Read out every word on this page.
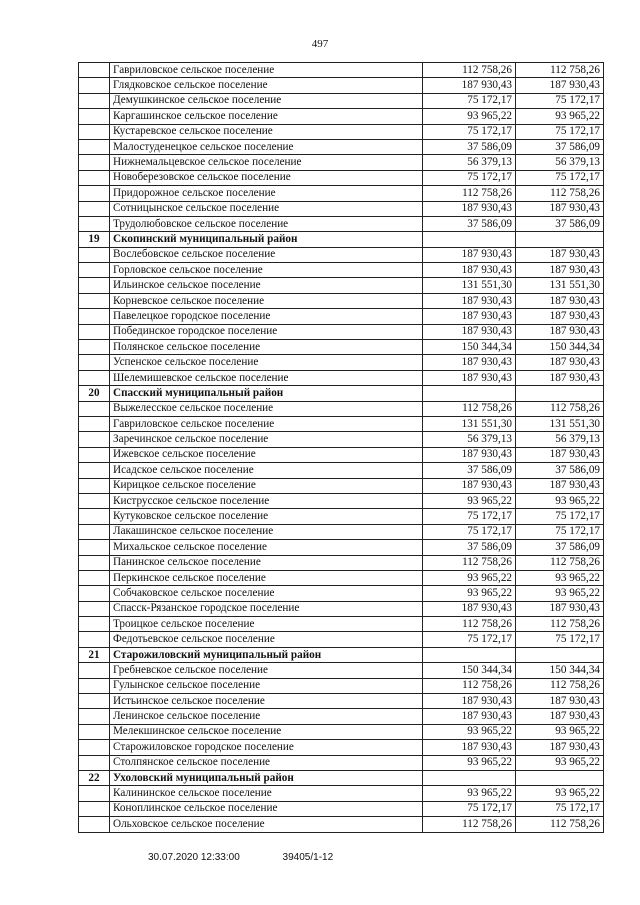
497
	Гавриловское сельское поселение	112 758,26	112 758,26
	Глядковское сельское поселение	187 930,43	187 930,43
	Демушкинское сельское поселение	75 172,17	75 172,17
	Каргашинское сельское поселение	93 965,22	93 965,22
	Кустаревское сельское поселение	75 172,17	75 172,17
	Малостуденецкое сельское поселение	37 586,09	37 586,09
	Нижнемальцевское сельское поселение	56 379,13	56 379,13
	Новоберезовское сельское поселение	75 172,17	75 172,17
	Придорожное сельское поселение	112 758,26	112 758,26
	Сотницынское сельское поселение	187 930,43	187 930,43
	Трудолюбовское сельское поселение	37 586,09	37 586,09
19	Скопинский муниципальный район		
	Вослебовское сельское поселение	187 930,43	187 930,43
	Горловское сельское поселение	187 930,43	187 930,43
	Ильинское сельское поселение	131 551,30	131 551,30
	Корневское сельское поселение	187 930,43	187 930,43
	Павелецкое городское поселение	187 930,43	187 930,43
	Побединское городское поселение	187 930,43	187 930,43
	Полянское сельское поселение	150 344,34	150 344,34
	Успенское сельское поселение	187 930,43	187 930,43
	Шелемишевское сельское поселение	187 930,43	187 930,43
20	Спасский муниципальный район		
	Выжелесское сельское поселение	112 758,26	112 758,26
	Гавриловское сельское поселение	131 551,30	131 551,30
	Заречинское сельское поселение	56 379,13	56 379,13
	Ижевское сельское поселение	187 930,43	187 930,43
	Исадское сельское поселение	37 586,09	37 586,09
	Кирицкое сельское поселение	187 930,43	187 930,43
	Киструсское сельское поселение	93 965,22	93 965,22
	Кутуковское сельское поселение	75 172,17	75 172,17
	Лакашинское сельское поселение	75 172,17	75 172,17
	Михальское сельское поселение	37 586,09	37 586,09
	Панинское сельское поселение	112 758,26	112 758,26
	Перкинское сельское поселение	93 965,22	93 965,22
	Собчаковское сельское поселение	93 965,22	93 965,22
	Спасск-Рязанское городское поселение	187 930,43	187 930,43
	Троицкое сельское поселение	112 758,26	112 758,26
	Федотьевское сельское поселение	75 172,17	75 172,17
21	Старожиловский муниципальный район		
	Гребневское сельское поселение	150 344,34	150 344,34
	Гулынское сельское поселение	112 758,26	112 758,26
	Истьинское сельское поселение	187 930,43	187 930,43
	Ленинское сельское поселение	187 930,43	187 930,43
	Мелекшинское сельское поселение	93 965,22	93 965,22
	Старожиловское городское поселение	187 930,43	187 930,43
	Столпянское сельское поселение	93 965,22	93 965,22
22	Ухоловский муниципальный район		
	Калининское сельское поселение	93 965,22	93 965,22
	Коноплинское сельское поселение	75 172,17	75 172,17
	Ольховское сельское поселение	112 758,26	112 758,26
30.07.2020 12:33:00	39405/1-12
